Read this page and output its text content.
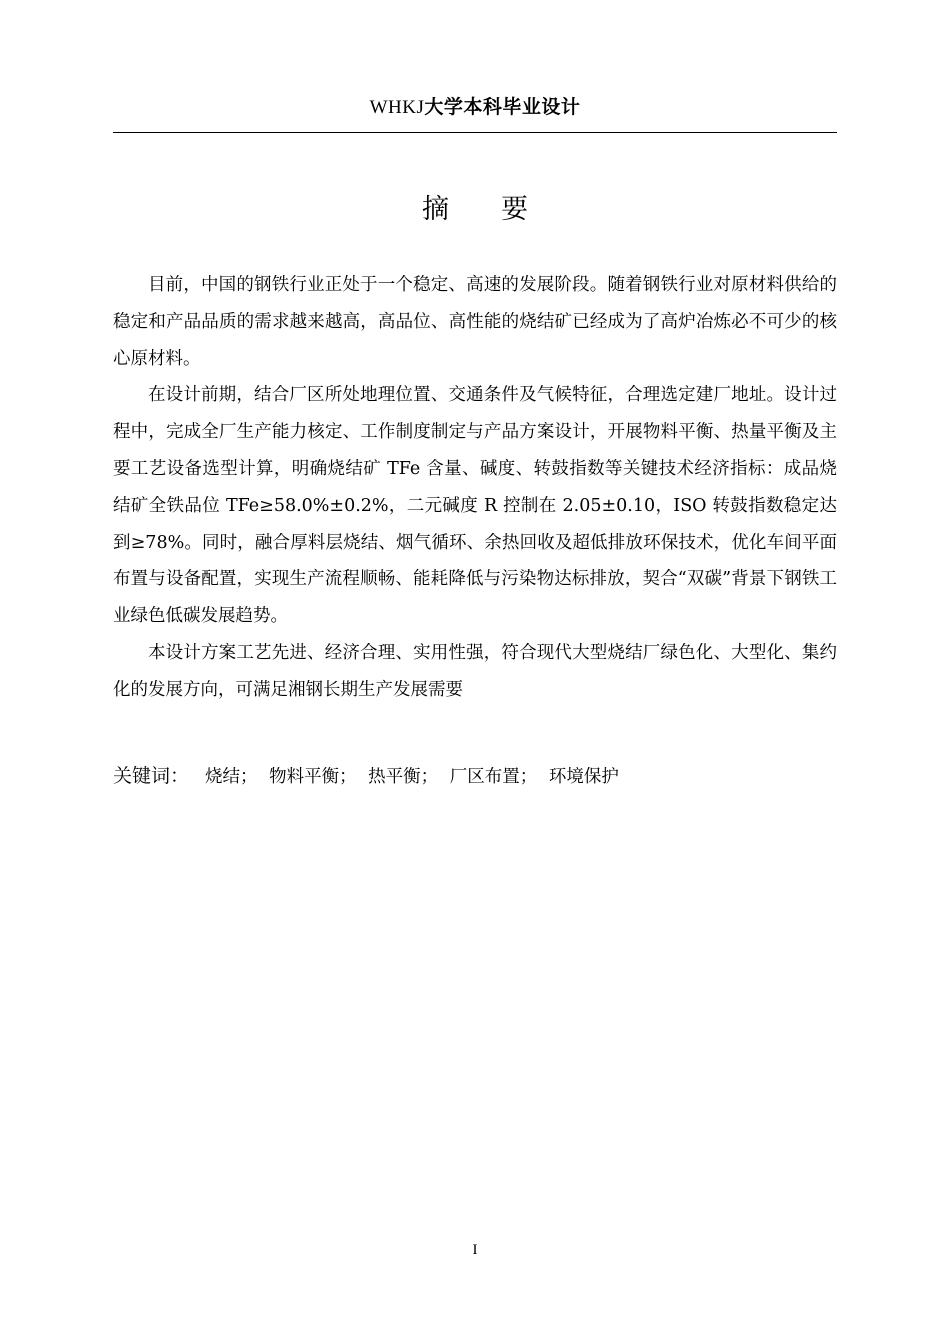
WHKJ大学本科毕业设计
摘 要

目前，中国的钢铁行业正处于一个稳定、高速的发展阶段。随着钢铁行业对原材料供给的稳定和产品品质的需求越来越高，高品位、高性能的烧结矿已经成为了高炉冶炼必不可少的核心原材料。

在设计前期，结合厂区所处地理位置、交通条件及气候特征，合理选定建厂地址。设计过程中，完成全厂生产能力核定、工作制度制定与产品方案设计，开展物料平衡、热量平衡及主要工艺设备选型计算，明确烧结矿 TFe 含量、碱度、转鼓指数等关键技术经济指标：成品烧结矿全铁品位 TFe≥58.0%±0.2%，二元碱度 R 控制在 2.05±0.10，ISO 转鼓指数稳定达到≥78%。同时，融合厚料层烧结、烟气循环、余热回收及超低排放环保技术，优化车间平面布置与设备配置，实现生产流程顺畅、能耗降低与污染物达标排放，契合“双碳”背景下钢铁工业绿色低碳发展趋势。

本设计方案工艺先进、经济合理、实用性强，符合现代大型烧结厂绿色化、大型化、集约化的发展方向，可满足湘钢长期生产发展需要

关键词： 烧结； 物料平衡； 热平衡； 厂区布置； 环境保护
I
